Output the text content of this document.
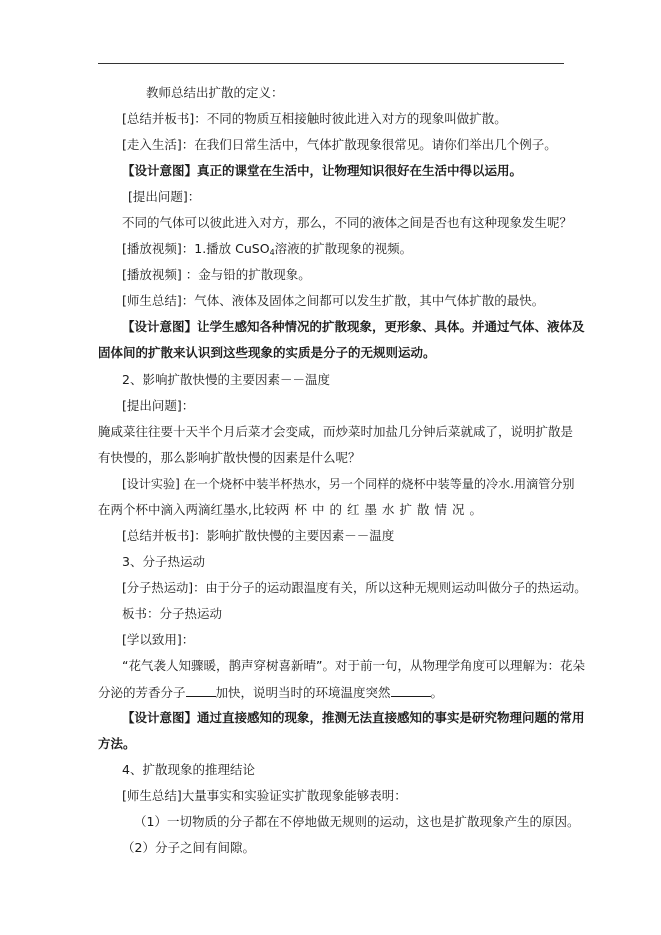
教师总结出扩散的定义：
[总结并板书]：不同的物质互相接触时彼此进入对方的现象叫做扩散。
[走入生活]：在我们日常生活中，气体扩散现象很常见。请你们举出几个例子。
【设计意图】真正的课堂在生活中，让物理知识很好在生活中得以运用。
[提出问题]：
不同的气体可以彼此进入对方，那么，不同的液体之间是否也有这种现象发生呢？
[播放视频]：1.播放 CuSO$_4$溶液的扩散现象的视频。
[播放视频] ：金与铅的扩散现象。
[师生总结]：气体、液体及固体之间都可以发生扩散，其中气体扩散的最快。
【设计意图】让学生感知各种情况的扩散现象，更形象、具体。并通过气体、液体及
固体间的扩散来认识到这些现象的实质是分子的无规则运动。
2、影响扩散快慢的主要因素－－温度
[提出问题]：
腌咸菜往往要十天半个月后菜才会变咸，而炒菜时加盐几分钟后菜就咸了，说明扩散是
有快慢的，那么影响扩散快慢的因素是什么呢？
[设计实验] 在一个烧杯中装半杯热水，另一个同样的烧杯中装等量的冷水.用滴管分别
在两个杯中滴入两滴红墨水,比较两杯中的红墨水扩散情况。
[总结并板书]：影响扩散快慢的主要因素－－温度
3、分子热运动
[分子热运动]：由于分子的运动跟温度有关，所以这种无规则运动叫做分子的热运动。
板书：分子热运动
[学以致用]：
“花气袭人知骤暖，鹊声穿树喜新晴”。对于前一句，从物理学角度可以理解为：花朵
分泌的芳香分子 加快，说明当时的环境温度突然	。
【设计意图】通过直接感知的现象，推测无法直接感知的事实是研究物理问题的常用
方法。
4、扩散现象的推理结论
[师生总结]大量事实和实验证实扩散现象能够表明：
（1）一切物质的分子都在不停地做无规则的运动，这也是扩散现象产生的原因。
（2）分子之间有间隙。
